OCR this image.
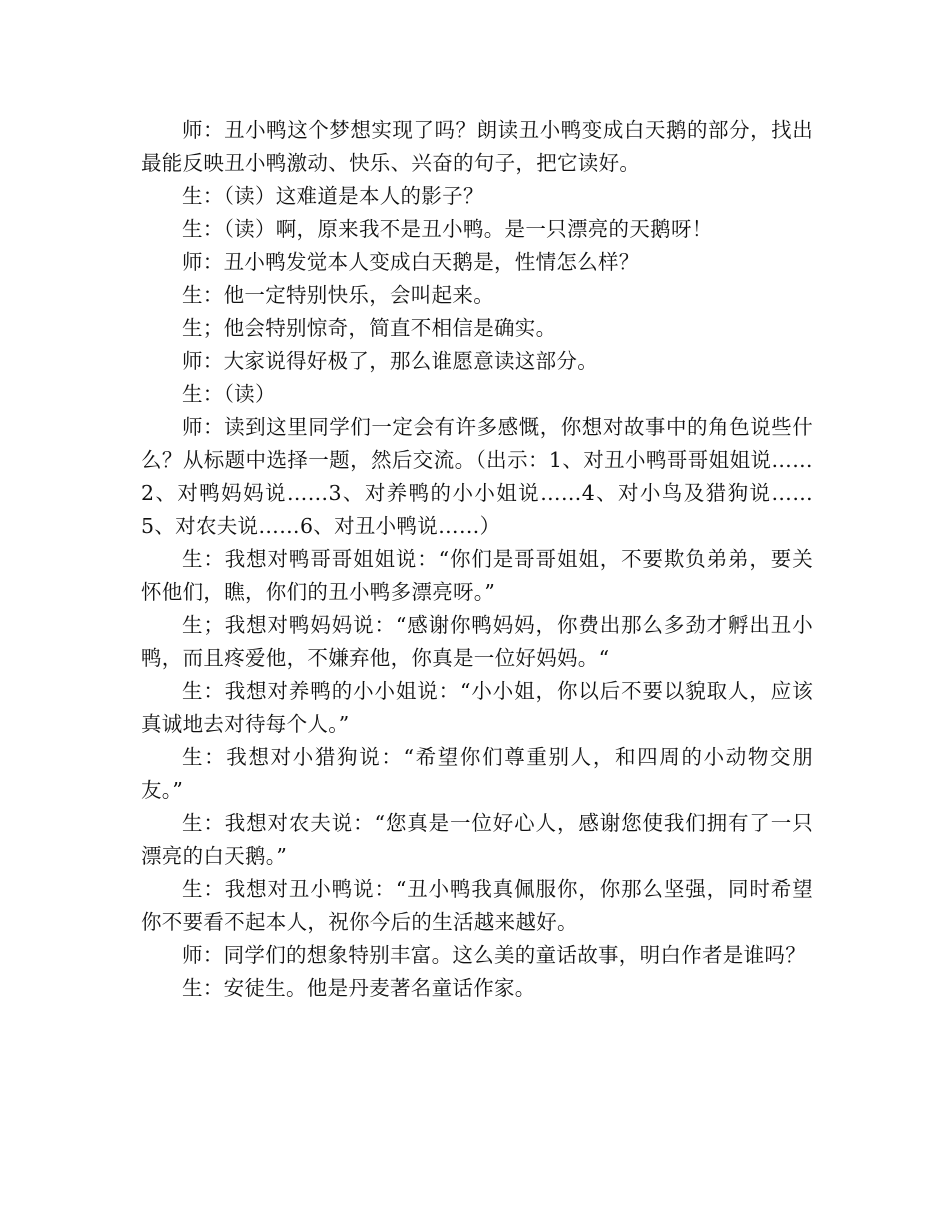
师：丑小鸭这个梦想实现了吗？朗读丑小鸭变成白天鹅的部分，找出最能反映丑小鸭激动、快乐、兴奋的句子，把它读好。

生：（读）这难道是本人的影子？

生：（读）啊，原来我不是丑小鸭。是一只漂亮的天鹅呀！

师：丑小鸭发觉本人变成白天鹅是，性情怎么样？

生：他一定特别快乐，会叫起来。

生；他会特别惊奇，简直不相信是确实。

师：大家说得好极了，那么谁愿意读这部分。

生：（读）

师：读到这里同学们一定会有许多感慨，你想对故事中的角色说些什么？从标题中选择一题，然后交流。（出示：1、对丑小鸭哥哥姐姐说……2、对鸭妈妈说……3、对养鸭的小小姐说……4、对小鸟及猎狗说……5、对农夫说……6、对丑小鸭说……）

生：我想对鸭哥哥姐姐说：“你们是哥哥姐姐，不要欺负弟弟，要关怀他们，瞧，你们的丑小鸭多漂亮呀。”

生；我想对鸭妈妈说：“感谢你鸭妈妈，你费出那么多劲才孵出丑小鸭，而且疼爱他，不嫌弃他，你真是一位好妈妈。“

生：我想对养鸭的小小姐说：“小小姐，你以后不要以貌取人，应该真诚地去对待每个人。”

生：我想对小猎狗说：“希望你们尊重别人，和四周的小动物交朋友。”

生：我想对农夫说：“您真是一位好心人，感谢您使我们拥有了一只漂亮的白天鹅。”

生：我想对丑小鸭说：“丑小鸭我真佩服你，你那么坚强，同时希望你不要看不起本人，祝你今后的生活越来越好。

师：同学们的想象特别丰富。这么美的童话故事，明白作者是谁吗？

生：安徒生。他是丹麦著名童话作家。
